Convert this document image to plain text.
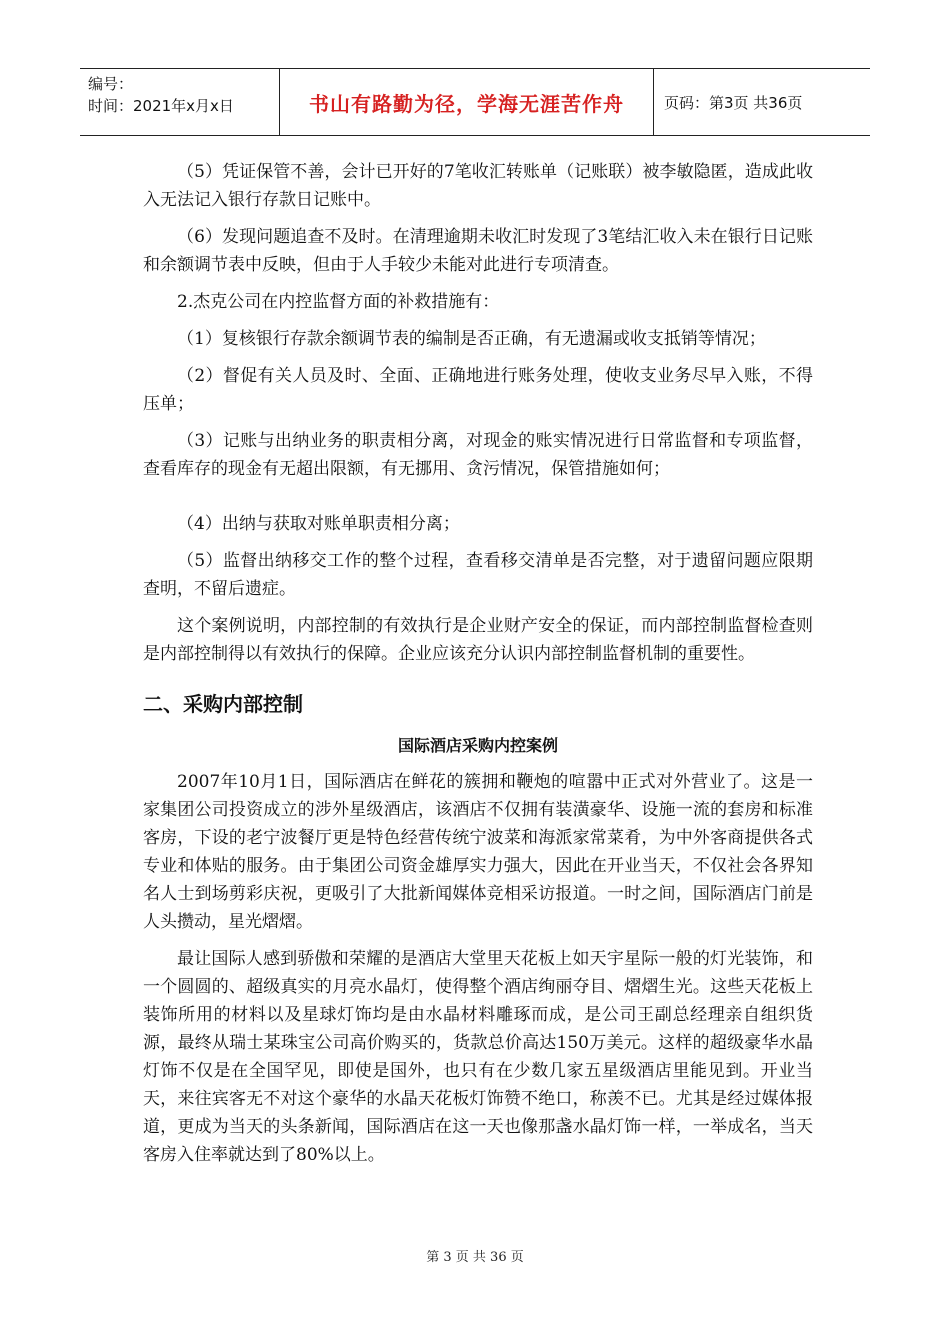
编号：
时间：2021年x月x日	书山有路勤为径，学海无涯苦作舟	页码：第3页 共36页

（5）凭证保管不善，会计已开好的7笔收汇转账单（记账联）被李敏隐匿，造成此收入无法记入银行存款日记账中。

（6）发现问题追查不及时。在清理逾期未收汇时发现了3笔结汇收入未在银行日记账和余额调节表中反映，但由于人手较少未能对此进行专项清查。

2.杰克公司在内控监督方面的补救措施有：

（1）复核银行存款余额调节表的编制是否正确，有无遗漏或收支抵销等情况；

（2）督促有关人员及时、全面、正确地进行账务处理，使收支业务尽早入账，不得压单；

（3）记账与出纳业务的职责相分离，对现金的账实情况进行日常监督和专项监督，查看库存的现金有无超出限额，有无挪用、贪污情况，保管措施如何；

（4）出纳与获取对账单职责相分离；

（5）监督出纳移交工作的整个过程，查看移交清单是否完整，对于遗留问题应限期查明，不留后遗症。

这个案例说明，内部控制的有效执行是企业财产安全的保证，而内部控制监督检查则是内部控制得以有效执行的保障。企业应该充分认识内部控制监督机制的重要性。

二、采购内部控制
国际酒店采购内控案例

2007年10月1日，国际酒店在鲜花的簇拥和鞭炮的喧嚣中正式对外营业了。这是一家集团公司投资成立的涉外星级酒店，该酒店不仅拥有装潢豪华、设施一流的套房和标准客房，下设的老宁波餐厅更是特色经营传统宁波菜和海派家常菜肴，为中外客商提供各式专业和体贴的服务。由于集团公司资金雄厚实力强大，因此在开业当天，不仅社会各界知名人士到场剪彩庆祝，更吸引了大批新闻媒体竞相采访报道。一时之间，国际酒店门前是人头攒动，星光熠熠。

最让国际人感到骄傲和荣耀的是酒店大堂里天花板上如天宇星际一般的灯光装饰，和一个圆圆的、超级真实的月亮水晶灯，使得整个酒店绚丽夺目、熠熠生光。这些天花板上装饰所用的材料以及星球灯饰均是由水晶材料雕琢而成，是公司王副总经理亲自组织货源，最终从瑞士某珠宝公司高价购买的，货款总价高达150万美元。这样的超级豪华水晶灯饰不仅是在全国罕见，即使是国外，也只有在少数几家五星级酒店里能见到。开业当天，来往宾客无不对这个豪华的水晶天花板灯饰赞不绝口，称羡不已。尤其是经过媒体报道，更成为当天的头条新闻，国际酒店在这一天也像那盏水晶灯饰一样，一举成名，当天客房入住率就达到了80%以上。

第 3 页 共 36 页
